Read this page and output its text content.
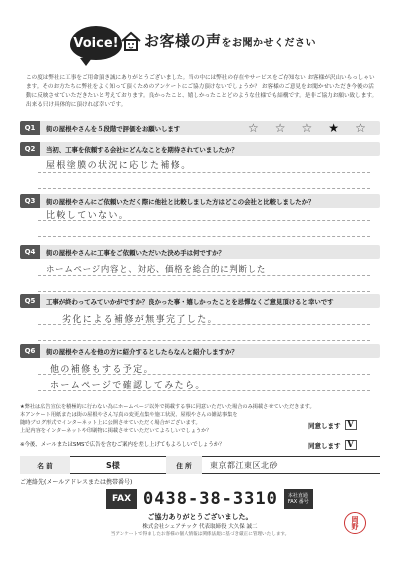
Voice! お客様の声をお聞かせください
この度は弊社に工事をご用命頂き誠にありがとうございました。当の中には弊社の存在やサービスをご存知ない お客様が沢山いらっしゃいます。そのお方たちに弊社をよく知って頂くためのアンケートにご協力頂けないでしょうか？ お客様のご意見をお聞かせいただき今後の活動に反映させていただきたいと考えております。良かったこと、嬉しかったことどのような仕様でも結構です。是非ご協力お願い致します。出来る只け具体的に頂ければ幸いです。
Q1	街の屋根やさんを５段階で評価をお願いします	☆ ☆ ☆ ★ ☆
Q2	当初、工事を依頼する会社にどんなことを期待されていましたか？
屋根塗膜の状況に応じた補修。
Q3	街の屋根やさんにご依頼いただく際に他社と比較しました方はどこの会社と比較しましたか？
比較していない。
Q4	街の屋根やさんに工事をご依頼いただいた決め手は何ですか？
ホームページ内容と、対応、価格を総合的に判断した
Q5	工事が終わってみていかがですか？良かった事・嬉しかったことを忌憚なくご意見頂けると幸いです
劣化による補修が無事完了した。
Q6	街の屋根やさんを他の方に紹介するとしたらなんと紹介しますか？
他の補修もする予定。
ホームページで確認してみたら。
★弊社は広告宣伝を積極的に行わない為にホームページ以外で掲載する事に同意いただいた場合のみ掲載させていただきます。
本アンケート用紙または街の屋根やさん写真の変更点集や施工状況、屋根やさんの雑誌事集を
随時ブログ形式でインターネット上に公開させていただく場合がございます。
上記内容をインターネットや印刷物に掲載させていただいてよろしいでしょうか？
同意します V
※今後、メールまたはSMSで広告を含むご案内を差し上げてもよろしいでしょうか？	同意します V
名 前	S様	住 所	東京都江東区北砂
ご連絡先(メールアドレスまたは携帯番号)
FAX 0438-38-3310	本社直通
FAX 番号
ご協力ありがとうございました。
株式会社シェアテック 代表取締役 大久保 誠二
当アンケートで得ましたお客様の個人情報は関係法規に基づき厳正に管理いたします。
岡野
